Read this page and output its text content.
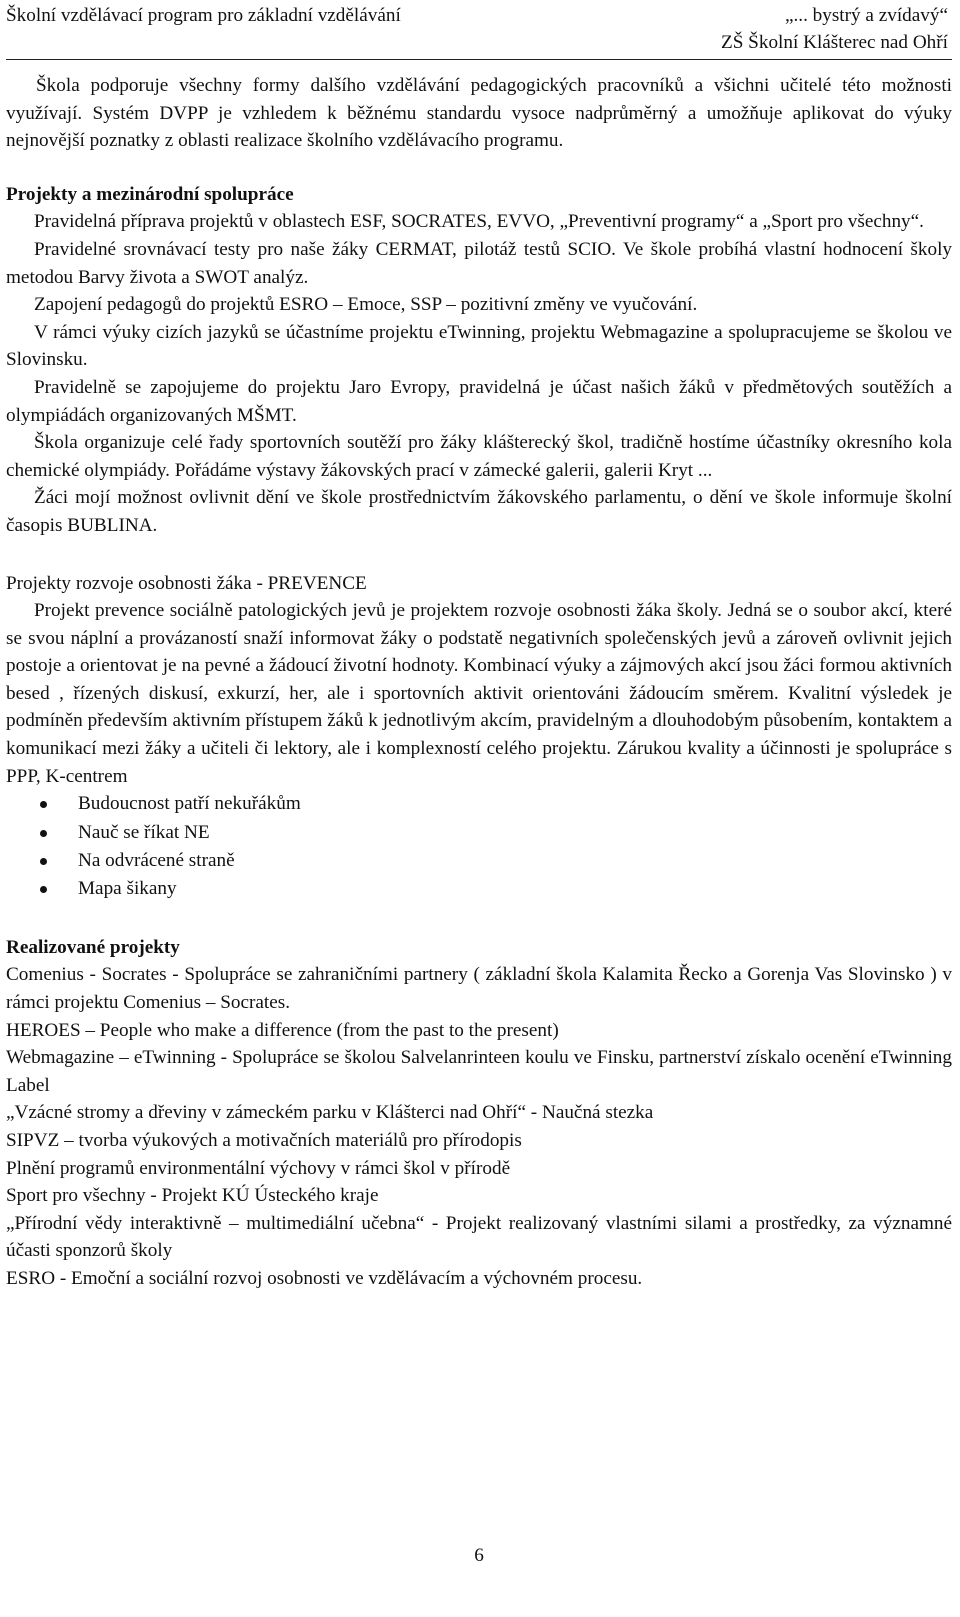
Školní vzdělávací program pro základní vzdělávání	„... bystrý a zvídavý“
ZŠ Školní Klášterec nad Ohří

Škola podporuje všechny formy dalšího vzdělávání pedagogických pracovníků a všichni učitelé této možnosti využívají. Systém DVPP je vzhledem k běžnému standardu vysoce nadprůměrný a umožňuje aplikovat do výuky nejnovější poznatky z oblasti realizace školního vzdělávacího programu.

Projekty a mezinárodní spolupráce

Pravidelná příprava projektů v oblastech ESF, SOCRATES, EVVO, „Preventivní programy“ a „Sport pro všechny“.

Pravidelné srovnávací testy pro naše žáky CERMAT, pilotáž testů SCIO. Ve škole probíhá vlastní hodnocení školy metodou Barvy života a SWOT analýz.

Zapojení pedagogů do projektů ESRO – Emoce, SSP – pozitivní změny ve vyučování.

V rámci výuky cizích jazyků se účastníme projektu eTwinning, projektu Webmagazine a spolupracujeme se školou ve Slovinsku.

Pravidelně se zapojujeme do projektu Jaro Evropy, pravidelná je účast našich žáků v předmětových soutěžích a olympiádách organizovaných MŠMT.

Škola organizuje celé řady sportovních soutěží pro žáky klášterecký škol, tradičně hostíme účastníky okresního kola chemické olympiády. Pořádáme výstavy žákovských prací v zámecké galerii, galerii Kryt ...

Žáci mojí možnost ovlivnit dění ve škole prostřednictvím žákovského parlamentu, o dění ve škole informuje školní časopis BUBLINA.

Projekty rozvoje osobnosti žáka - PREVENCE

Projekt prevence sociálně patologických jevů je projektem rozvoje osobnosti žáka školy. Jedná se o soubor akcí, které se svou náplní a provázaností snaží informovat žáky o podstatě negativních společenských jevů a zároveň ovlivnit jejich postoje a orientovat je na pevné a žádoucí životní hodnoty. Kombinací výuky a zájmových akcí jsou žáci formou aktivních besed , řízených diskusí, exkurzí, her, ale i sportovních aktivit orientováni žádoucím směrem. Kvalitní výsledek je podmíněn především aktivním přístupem žáků k jednotlivým akcím, pravidelným a dlouhodobým působením, kontaktem a komunikací mezi žáky a učiteli či lektory, ale i komplexností celého projektu. Zárukou kvality a účinnosti je spolupráce s PPP, K-centrem

Budoucnost patří nekuřákům
Nauč se říkat NE
Na odvrácené straně
Mapa šikany

Realizované projekty

Comenius - Socrates - Spolupráce se zahraničními partnery ( základní škola Kalamita Řecko a Gorenja Vas Slovinsko ) v rámci projektu Comenius – Socrates.

HEROES – People who make a difference (from the past to the present)

Webmagazine – eTwinning - Spolupráce se školou Salvelanrinteen koulu ve Finsku, partnerství získalo ocenění eTwinning Label

„Vzácné stromy a dřeviny v zámeckém parku v Klášterci nad Ohří“ - Naučná stezka

SIPVZ – tvorba výukových a motivačních materiálů pro přírodopis

Plnění programů environmentální výchovy v rámci škol v přírodě

Sport pro všechny - Projekt KÚ Ústeckého kraje

„Přírodní vědy interaktivně – multimediální učebna“ - Projekt realizovaný vlastními silami a prostředky, za významné účasti sponzorů školy

ESRO - Emoční a sociální rozvoj osobnosti ve vzdělávacím a výchovném procesu.

6
